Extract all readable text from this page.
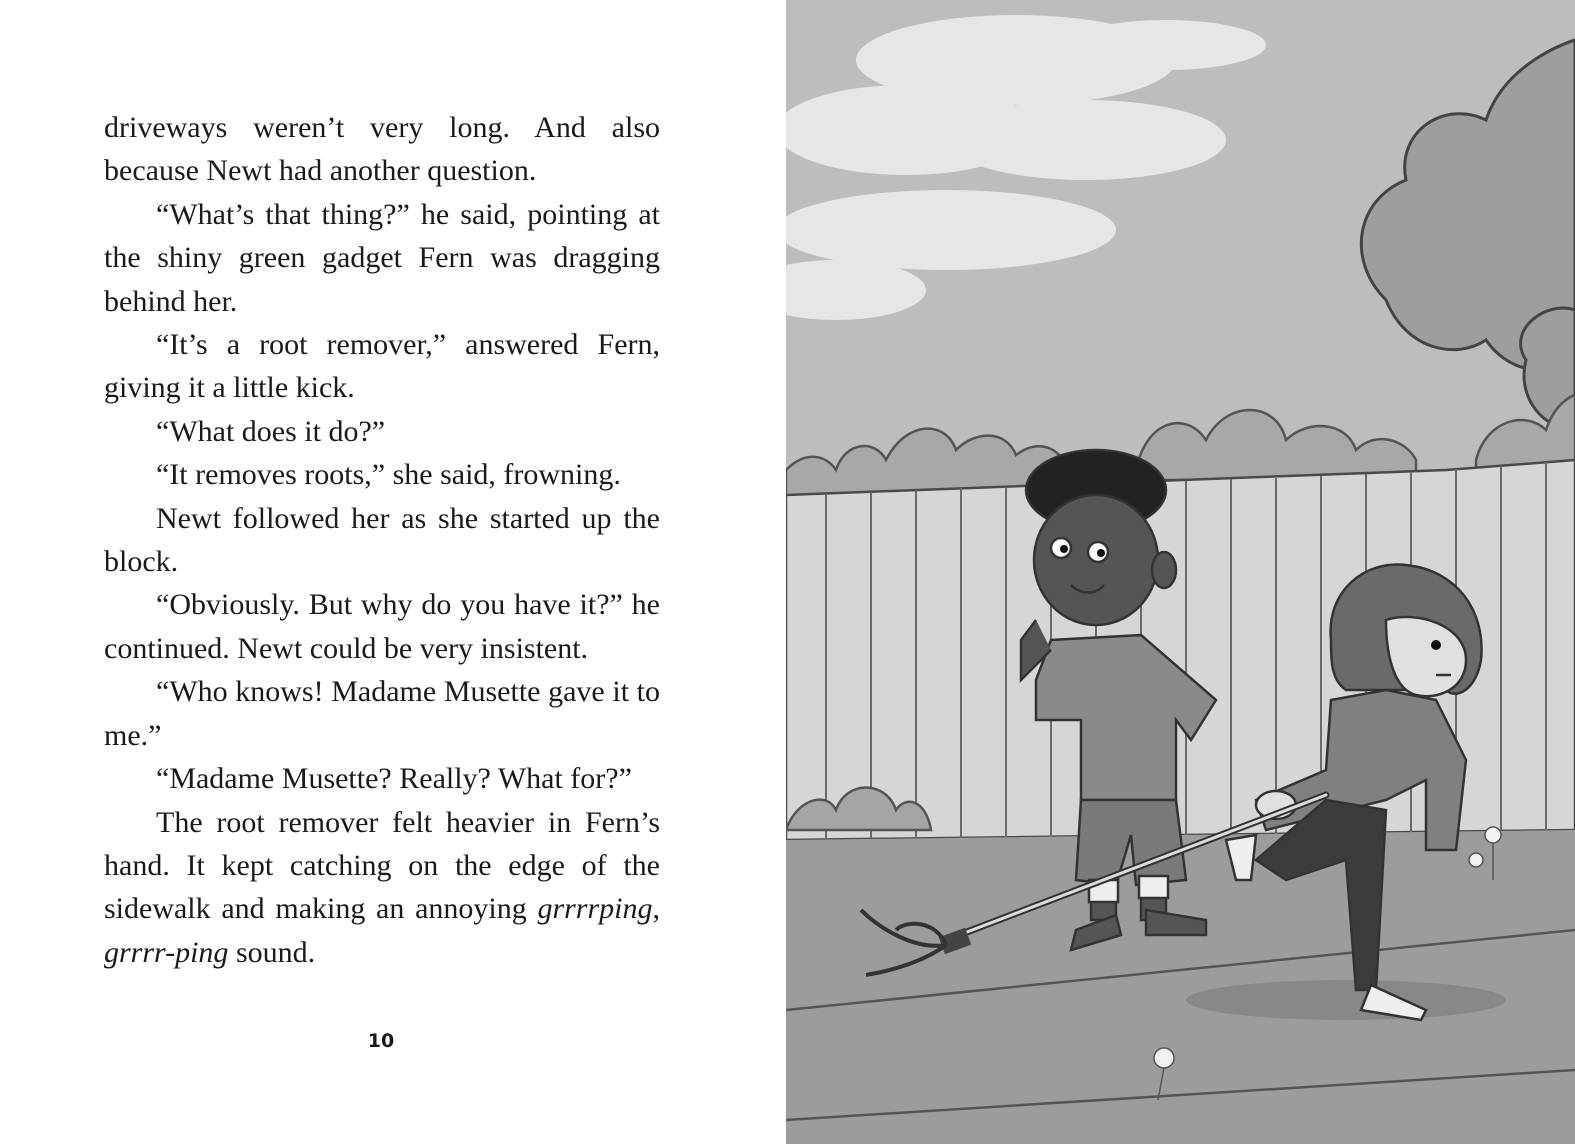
driveways weren’t very long. And also because Newt had another question.

“What’s that thing?” he said, pointing at the shiny green gadget Fern was dragging behind her.

“It’s a root remover,” answered Fern, giving it a little kick.

“What does it do?”

“It removes roots,” she said, frowning.

Newt followed her as she started up the block.

“Obviously. But why do you have it?” he continued. Newt could be very insistent.

“Who knows! Madame Musette gave it to me.”

“Madame Musette? Really? What for?”

The root remover felt heavier in Fern’s hand. It kept catching on the edge of the sidewalk and making an annoying grrrrping, grrrr-ping sound.

10
